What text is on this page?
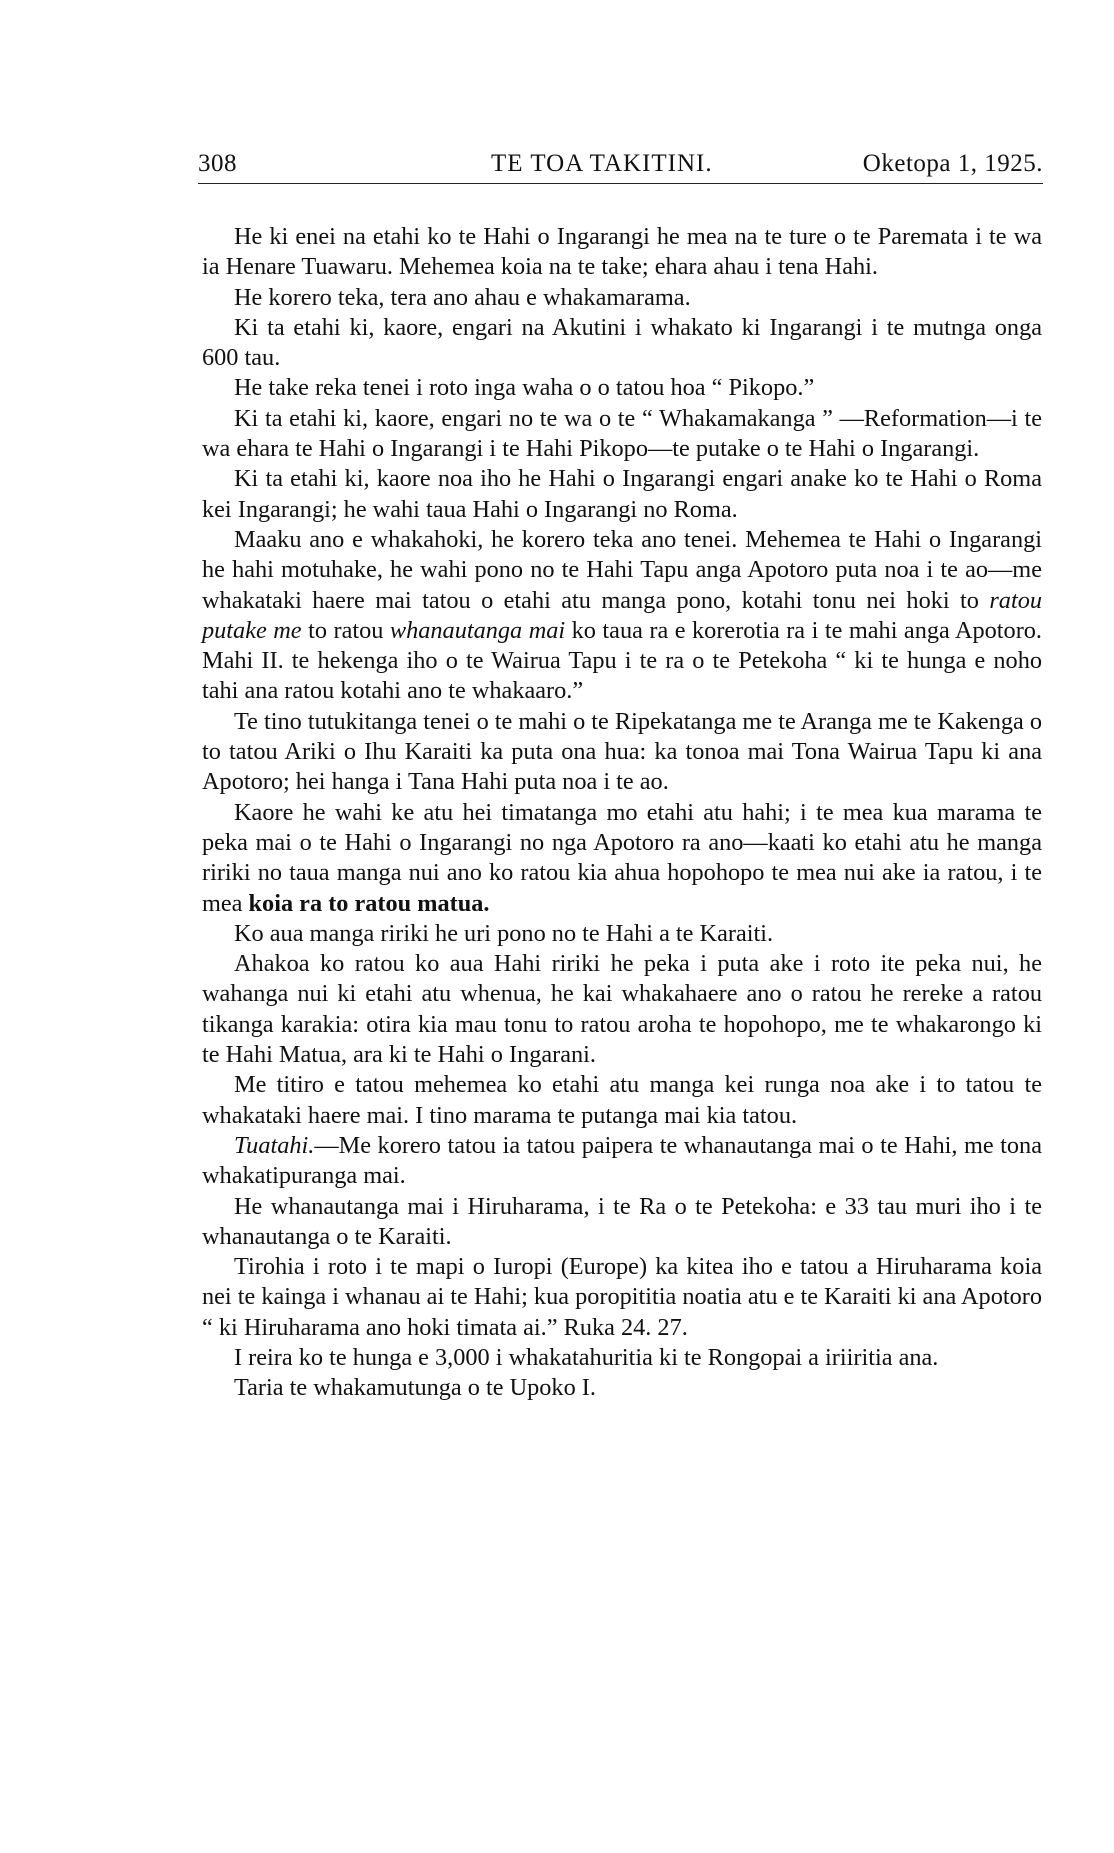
308	TE TOA TAKITINI.	Oketopa 1, 1925.

He ki enei na etahi ko te Hahi o Ingarangi he mea na te ture o te Paremata i te wa ia Henare Tuawaru. Mehemea koia na te take; ehara ahau i tena Hahi.

He korero teka, tera ano ahau e whakamarama.

Ki ta etahi ki, kaore, engari na Akutini i whakato ki Ingarangi i te mutnga onga 600 tau.

He take reka tenei i roto inga waha o o tatou hoa “ Pikopo.”

Ki ta etahi ki, kaore, engari no te wa o te “ Whakamakanga ” —Reformation—i te wa ehara te Hahi o Ingarangi i te Hahi Pikopo—te putake o te Hahi o Ingarangi.

Ki ta etahi ki, kaore noa iho he Hahi o Ingarangi engari anake ko te Hahi o Roma kei Ingarangi; he wahi taua Hahi o Ingarangi no Roma.

Maaku ano e whakahoki, he korero teka ano tenei. Mehemea te Hahi o Ingarangi he hahi motuhake, he wahi pono no te Hahi Tapu anga Apotoro puta noa i te ao—me whakataki haere mai tatou o etahi atu manga pono, kotahi tonu nei hoki to ratou putake me to ratou whanautanga mai ko taua ra e korerotia ra i te mahi anga Apotoro. Mahi II. te hekenga iho o te Wairua Tapu i te ra o te Petekoha “ ki te hunga e noho tahi ana ratou kotahi ano te whakaaro.”

Te tino tutukitanga tenei o te mahi o te Ripekatanga me te Aranga me te Kakenga o to tatou Ariki o Ihu Karaiti ka puta ona hua: ka tonoa mai Tona Wairua Tapu ki ana Apotoro; hei hanga i Tana Hahi puta noa i te ao.

Kaore he wahi ke atu hei timatanga mo etahi atu hahi; i te mea kua marama te peka mai o te Hahi o Ingarangi no nga Apotoro ra ano—kaati ko etahi atu he manga ririki no taua manga nui ano ko ratou kia ahua hopohopo te mea nui ake ia ratou, i te mea koia ra to ratou matua.

Ko aua manga ririki he uri pono no te Hahi a te Karaiti.

Ahakoa ko ratou ko aua Hahi ririki he peka i puta ake i roto ite peka nui, he wahanga nui ki etahi atu whenua, he kai whakahaere ano o ratou he rereke a ratou tikanga karakia: otira kia mau tonu to ratou aroha te hopohopo, me te whakarongo ki te Hahi Matua, ara ki te Hahi o Ingarani.

Me titiro e tatou mehemea ko etahi atu manga kei runga noa ake i to tatou te whakataki haere mai. I tino marama te putanga mai kia tatou.

Tuatahi.—Me korero tatou ia tatou paipera te whanautanga mai o te Hahi, me tona whakatipuranga mai.

He whanautanga mai i Hiruharama, i te Ra o te Petekoha: e 33 tau muri iho i te whanautanga o te Karaiti.

Tirohia i roto i te mapi o Iuropi (Europe) ka kitea iho e tatou a Hiruharama koia nei te kainga i whanau ai te Hahi; kua poropititia noatia atu e te Karaiti ki ana Apotoro “ ki Hiruharama ano hoki timata ai.” Ruka 24. 27.

I reira ko te hunga e 3,000 i whakatahuritia ki te Rongopai a iriiritia ana.

Taria te whakamutunga o te Upoko I.
